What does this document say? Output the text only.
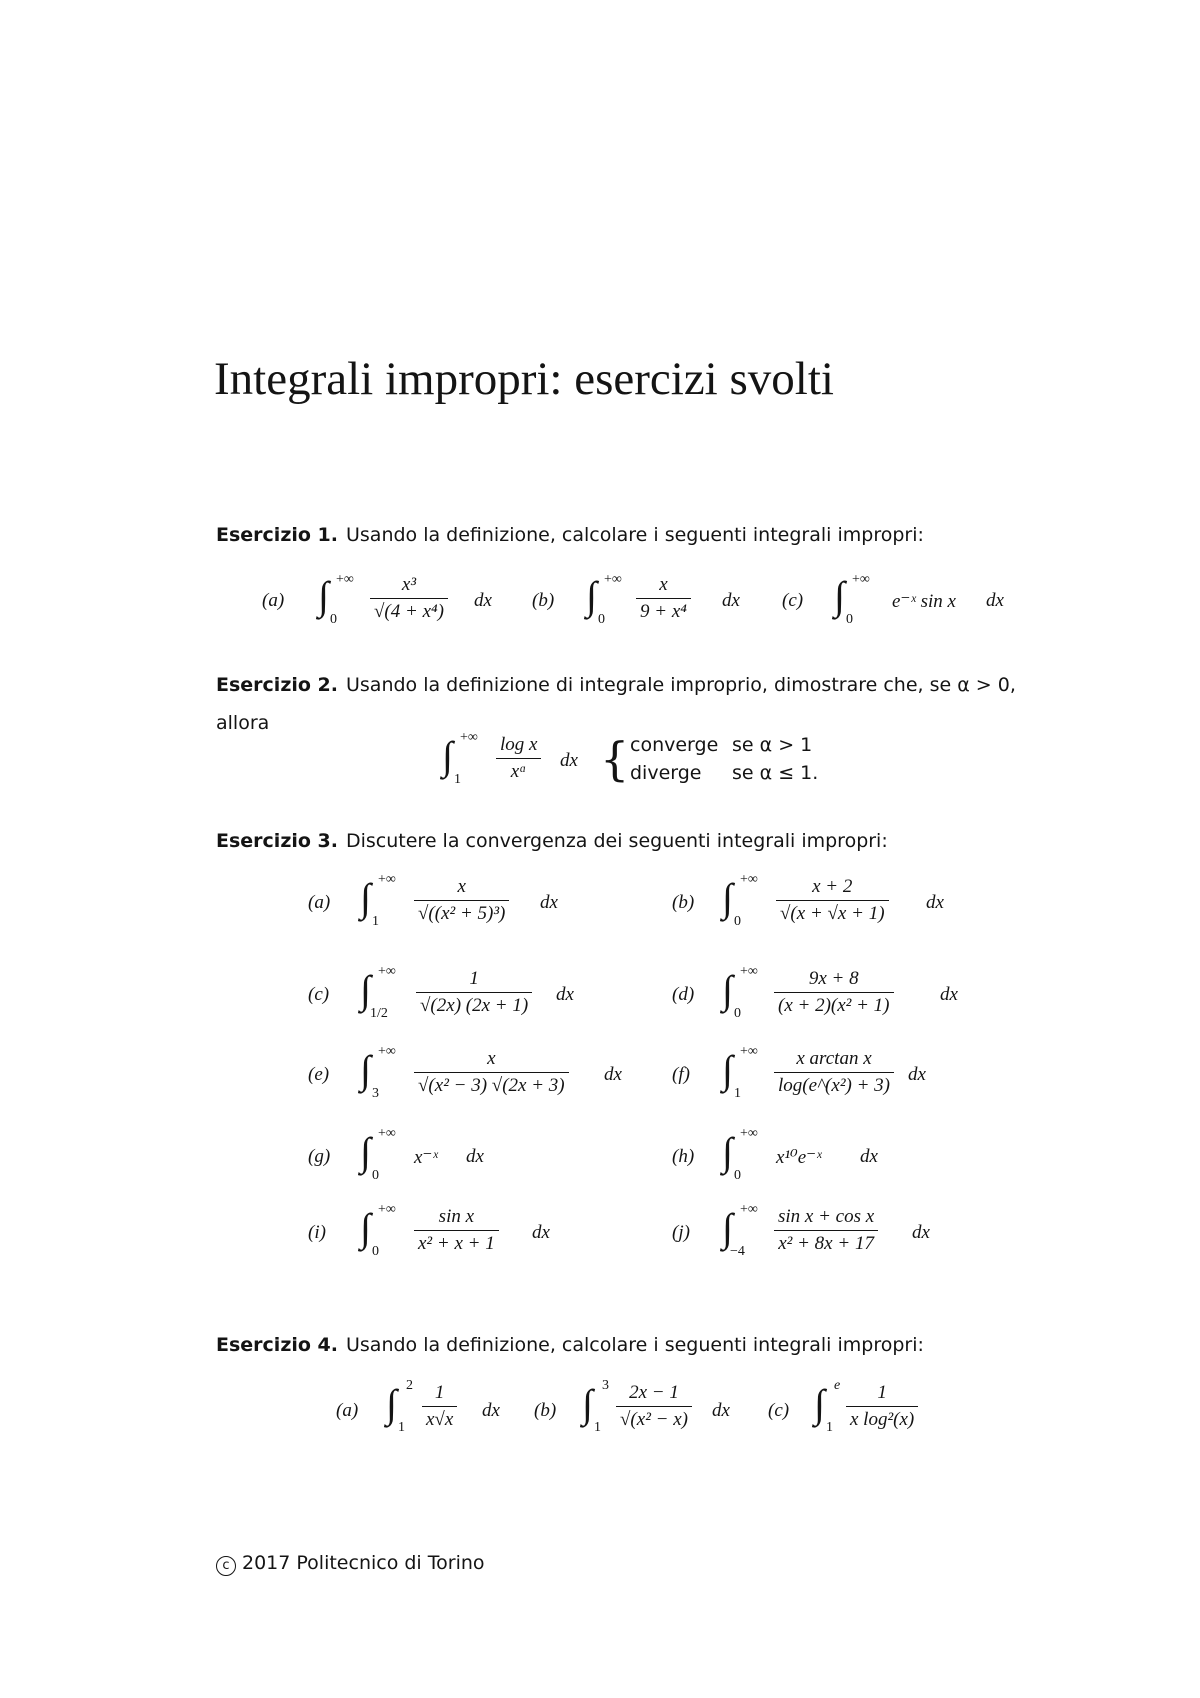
Integrali impropri: esercizi svolti
Esercizio 1. Usando la definizione, calcolare i seguenti integrali impropri:
(a) ∫ +∞
$0 \frac{\text{x³}}{\text{√(4 + x⁴)}}$ dx (b) ∫ +∞
$0 \frac{x}{\text{9 + x⁴}}$ dx (c) ∫ +∞
0
e⁻ˣ sin x dx
Esercizio 2. Usando la definizione di integrale improprio, dimostrare che, se α > 0,
allora
∫ +∞
$1 \frac{\text{log x}}{\text{xᵅ}}$ dx { converge se α > 1
diverge se α ≤ 1.
Esercizio 3. Discutere la convergenza dei seguenti integrali impropri:
(a) ∫ +∞
$1 \frac{x}{\text{√((x² + 5)³)}}$ dx	(b) ∫ +∞
$0 \frac{x + 2}{√(x + √x + 1)}$ dx
(c) ∫ +∞
$1/2 \frac{1}{√(2x) (2x + 1)}$ dx	(d) ∫ +∞
$0 \frac{9x + 8}{\text{(x + 2)(x² + 1)}}$ dx
(e) ∫ +∞
$3 \frac{x}{\text{√(x² − 3) √(2x + 3)}}$ dx	(f) ∫ +∞
$1 \frac{\text{x arctan x}}{\text{log(e\textasciicircum{}(x²) + 3)}}$ dx
(g) ∫ +∞
0
x⁻ˣ dx	(h) ∫ +∞
0
x¹⁰e⁻ˣ dx
(i) ∫ +∞
$0 \frac{\text{sin x}}{\text{x² + x + 1}}$ dx	(j) ∫ +∞
$-4 \frac{\text{sin x + cos x}}{\text{x² + 8x + 17}}$ dx
Esercizio 4. Usando la definizione, calcolare i seguenti integrali impropri:
(a) ∫ 2
$1 \frac{1}{x√x}$ dx (b) ∫ 3
$1 \frac{2x - 1}{\text{√(x² − x)}}$ dx (c) ∫ e
$1 \frac{1}{\text{x log²(x)}}$
c 2017 Politecnico di Torino
